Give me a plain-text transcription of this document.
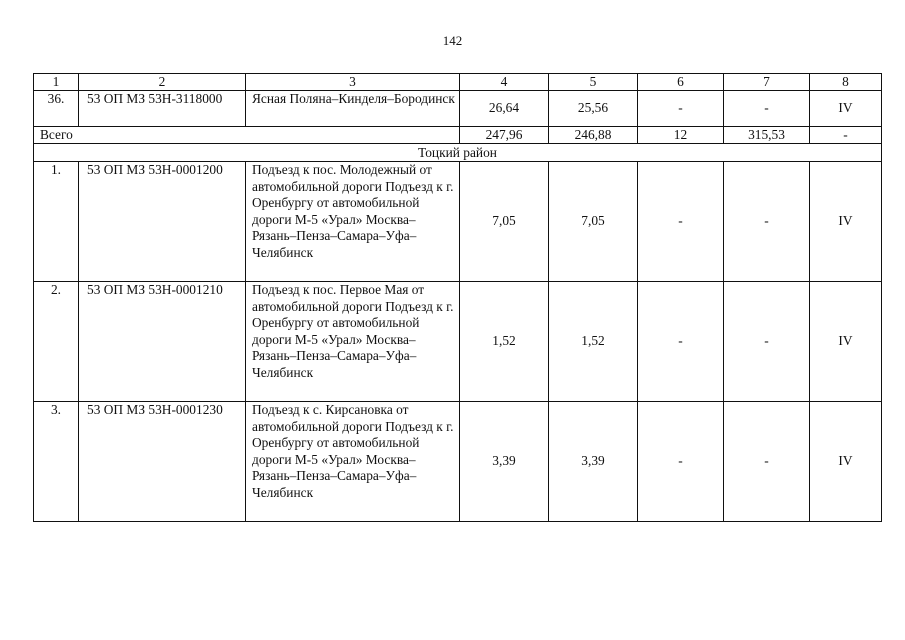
142
1	2	3	4	5	6	7	8
36.	53 ОП МЗ 53Н-3118000	Ясная Поляна–Кинделя–Бородинск	26,64	25,56	-	-	IV
Всего			247,96	246,88	12	315,53	-
Тоцкий район							
1.	53 ОП МЗ 53Н-0001200	Подъезд к пос. Молодежный от автомобильной дороги Подъезд к г. Оренбургу от автомобильной дороги М-5 «Урал» Москва–Рязань–Пенза–Самара–Уфа–Челябинск	7,05	7,05	-	-	IV
2.	53 ОП МЗ 53Н-0001210	Подъезд к пос. Первое Мая от автомобильной дороги Подъезд к г. Оренбургу от автомобильной дороги М-5 «Урал» Москва–Рязань–Пенза–Самара–Уфа–Челябинск	1,52	1,52	-	-	IV
3.	53 ОП МЗ 53Н-0001230	Подъезд к с. Кирсановка от автомобильной дороги Подъезд к г. Оренбургу от автомобильной дороги М-5 «Урал» Москва–Рязань–Пенза–Самара–Уфа–Челябинск	3,39	3,39	-	-	IV
